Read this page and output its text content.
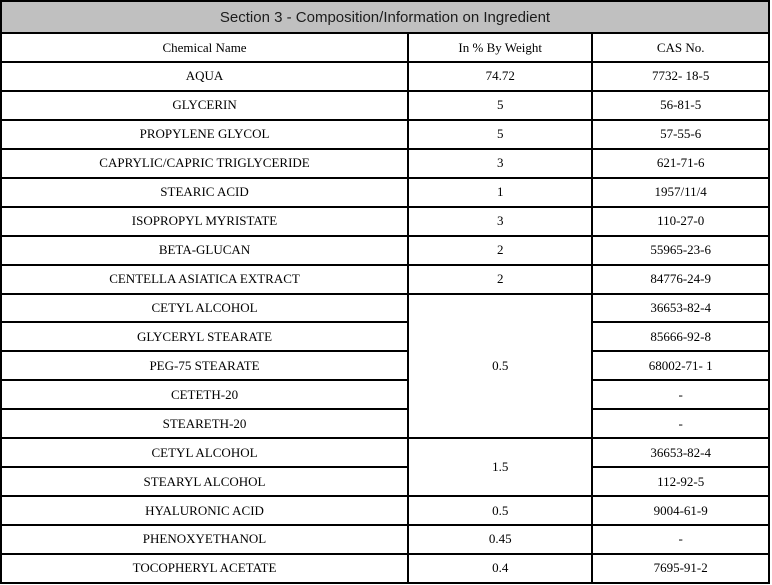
Section 3 - Composition/Information on Ingredient		
Chemical Name	In % By Weight	CAS No.
AQUA	74.72	7732- 18-5
GLYCERIN	5	56-81-5
PROPYLENE GLYCOL	5	57-55-6
CAPRYLIC/CAPRIC TRIGLYCERIDE	3	621-71-6
STEARIC ACID	1	1957/11/4
ISOPROPYL MYRISTATE	3	110-27-0
BETA-GLUCAN	2	55965-23-6
CENTELLA ASIATICA EXTRACT	2	84776-24-9
CETYL ALCOHOL	0.5	36653-82-4
GLYCERYL STEARATE		85666-92-8
PEG-75 STEARATE		68002-71- 1
CETETH-20		-
STEARETH-20		-
CETYL ALCOHOL	1.5	36653-82-4
STEARYL ALCOHOL		112-92-5
HYALURONIC ACID	0.5	9004-61-9
PHENOXYETHANOL	0.45	-
TOCOPHERYL ACETATE	0.4	7695-91-2
